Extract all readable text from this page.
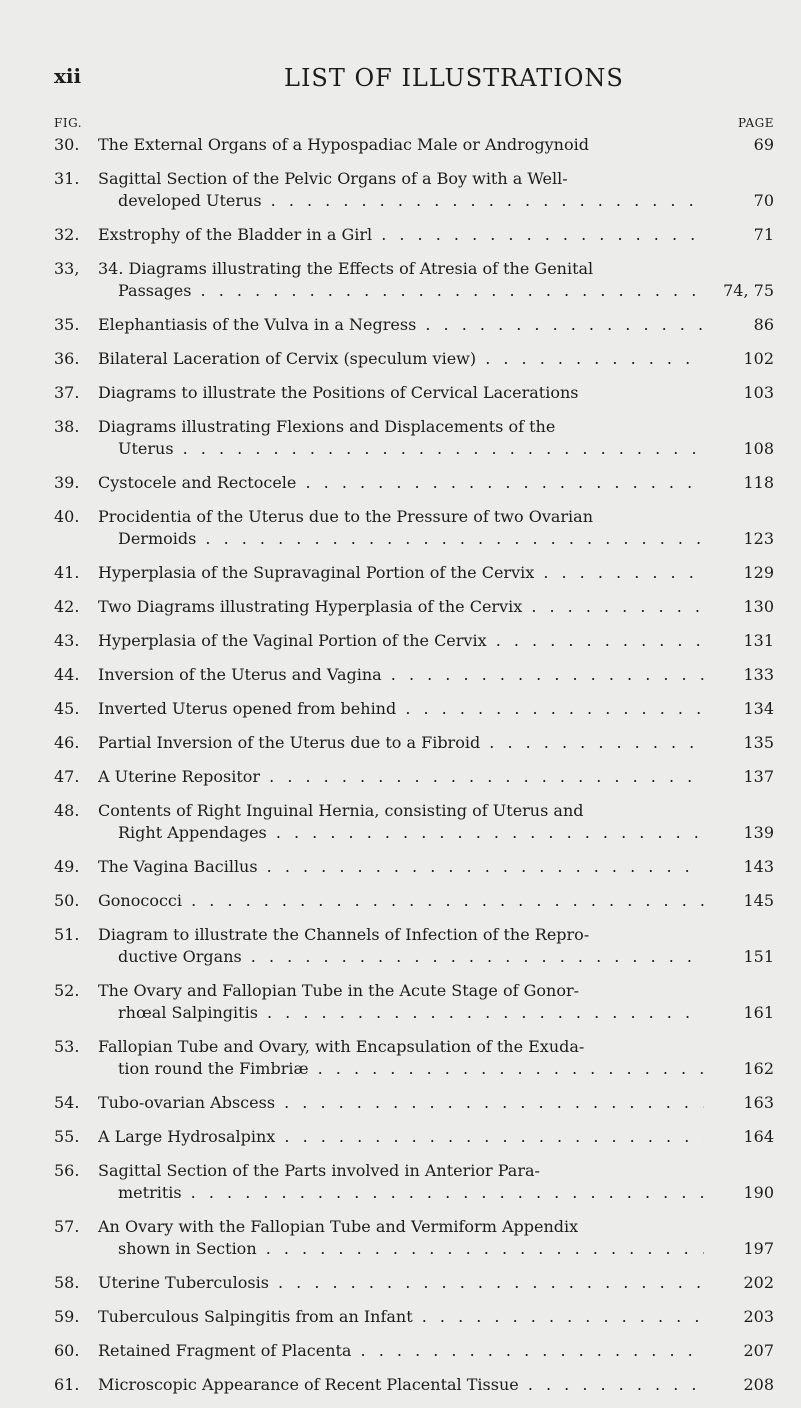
xii	LIST OF ILLUSTRATIONS
FIG.	PAGE
30.	The External Organs of a Hypospadiac Male or Androgynoid	69
31.	Sagittal Section of the Pelvic Organs of a Boy with a Well-
developed Uterus . . .	70
32.	Exstrophy of the Bladder in a Girl . . .	71
33,	34. Diagrams illustrating the Effects of Atresia of the Genital
Passages . . .	74, 75
35.	Elephantiasis of the Vulva in a Negress . . .	86
36.	Bilateral Laceration of Cervix (speculum view) . . .	102
37.	Diagrams to illustrate the Positions of Cervical Lacerations	103
38.	Diagrams illustrating Flexions and Displacements of the
Uterus . . .	108
39.	Cystocele and Rectocele . . .	118
40.	Procidentia of the Uterus due to the Pressure of two Ovarian
Dermoids . . .	123
41.	Hyperplasia of the Supravaginal Portion of the Cervix . . .	129
42.	Two Diagrams illustrating Hyperplasia of the Cervix . . .	130
43.	Hyperplasia of the Vaginal Portion of the Cervix . . .	131
44.	Inversion of the Uterus and Vagina . . .	133
45.	Inverted Uterus opened from behind . . .	134
46.	Partial Inversion of the Uterus due to a Fibroid . . .	135
47.	A Uterine Repositor . . .	137
48.	Contents of Right Inguinal Hernia, consisting of Uterus and
Right Appendages . . .	139
49.	The Vagina Bacillus . . .	143
50.	Gonococci . . .	145
51.	Diagram to illustrate the Channels of Infection of the Repro-
ductive Organs . . .	151
52.	The Ovary and Fallopian Tube in the Acute Stage of Gonor-
rhœal Salpingitis . . .	161
53.	Fallopian Tube and Ovary, with Encapsulation of the Exuda-
tion round the Fimbriæ . . .	162
54.	Tubo-ovarian Abscess . . .	163
55.	A Large Hydrosalpinx . . .	164
56.	Sagittal Section of the Parts involved in Anterior Para-
metritis . . .	190
57.	An Ovary with the Fallopian Tube and Vermiform Appendix
shown in Section . . .	197
58.	Uterine Tuberculosis . . .	202
59.	Tuberculous Salpingitis from an Infant . . .	203
60.	Retained Fragment of Placenta . . .	207
61.	Microscopic Appearance of Recent Placental Tissue . . .	208
